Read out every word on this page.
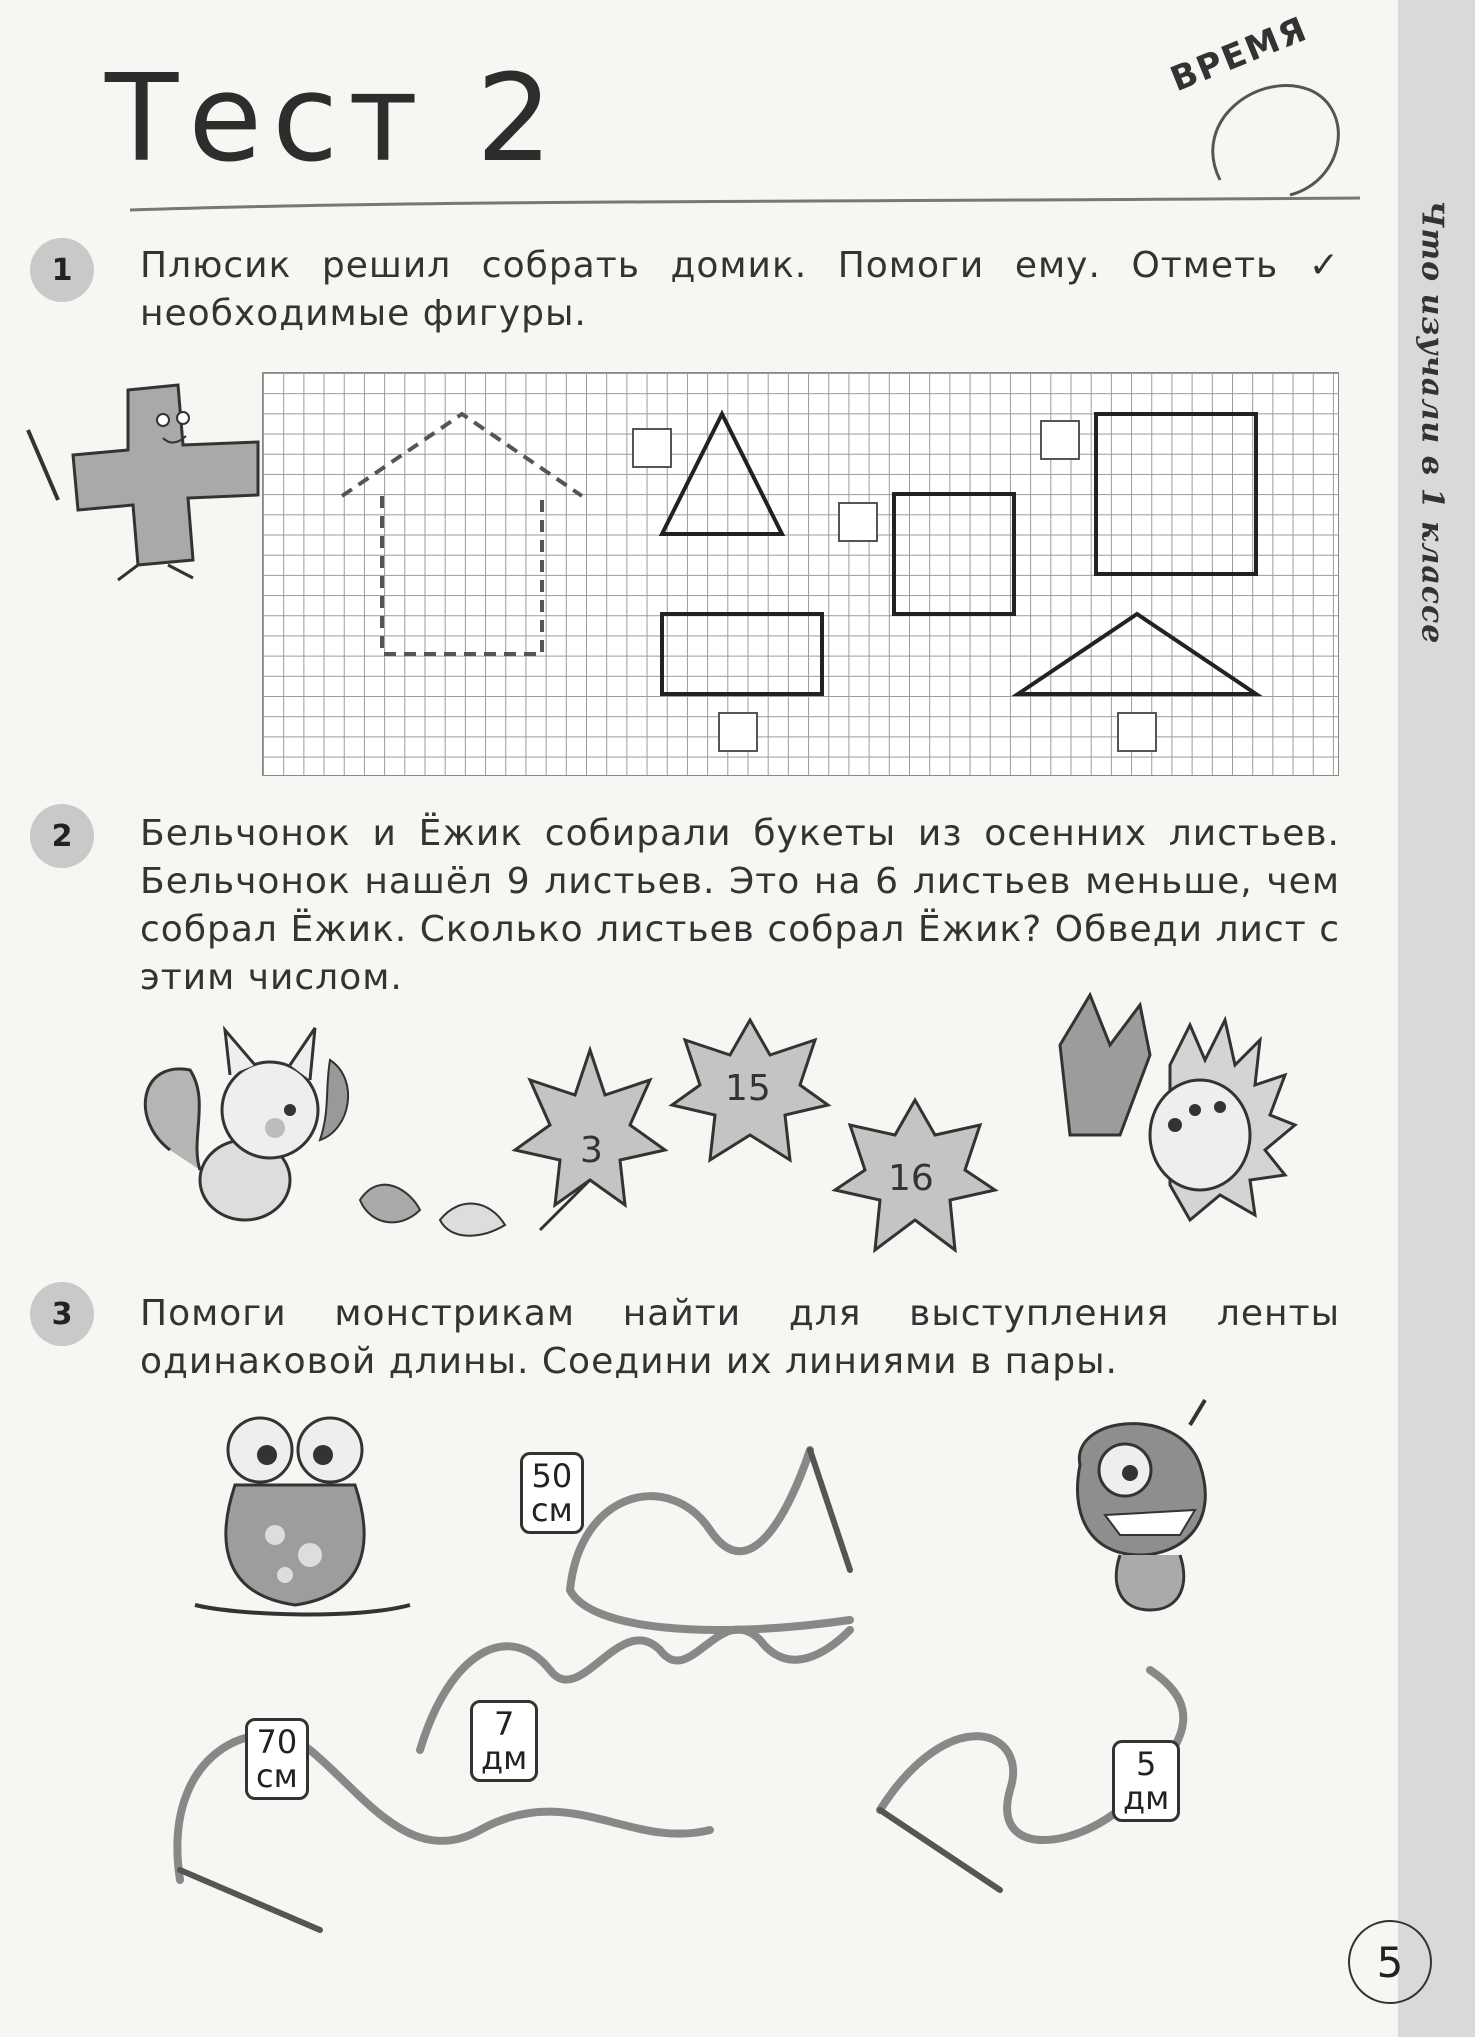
Что изучали в 1 классе
Тест 2	ВРЕМЯ
1	Плюсик решил собрать домик. Помоги ему. Отметь ✓ необходимые фигуры.
2	Бельчонок и Ёжик собирали букеты из осенних листьев. Бельчонок нашёл 9 листьев. Это на 6 листьев меньше, чем собрал Ёжик. Сколько листьев собрал Ёжик? Обведи лист с этим числом.
3
15
16
3	Помоги монстрикам найти для выступления ленты одинаковой длины. Соедини их линиями в пары.
50
см
7
дм
70
см	5
дм
5
